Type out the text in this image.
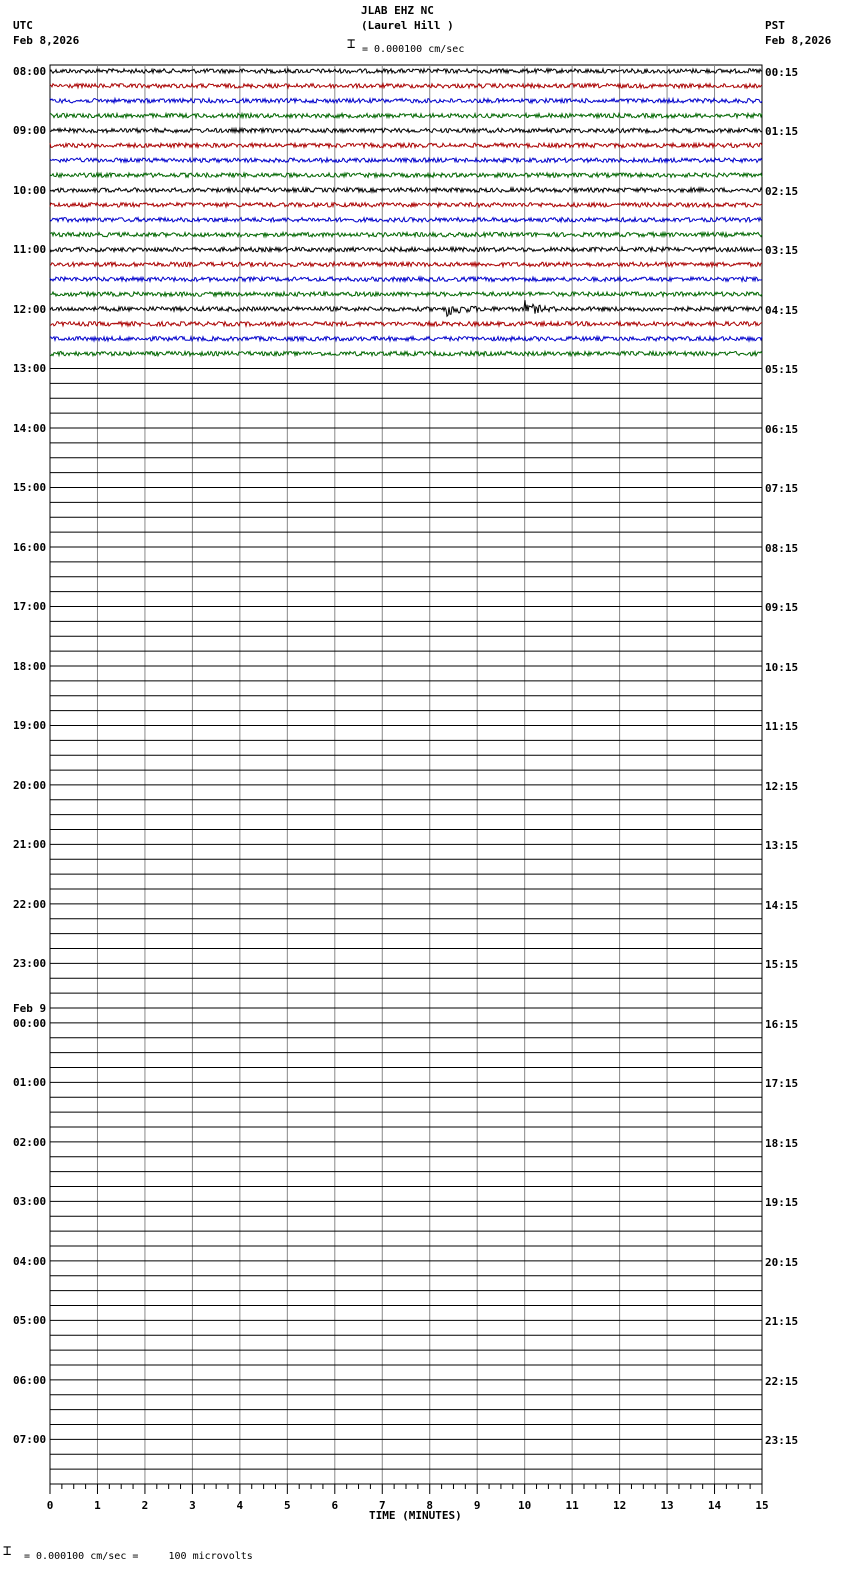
0	1	2	3	4	5	6	7	8	9	10	11	12	13	14	15
JLAB EHZ NC
(Laurel Hill )
⌶ = 0.000100 cm/sec
UTC
Feb 8,2026
PST
Feb 8,2026
Feb 9
08:00
09:00
10:00
11:00
12:00
13:00
14:00
15:00
16:00
17:00
18:00
19:00
20:00
21:00
22:00
23:00
00:00
01:00
02:00
03:00
04:00
05:00
06:00
07:00
00:15
01:15
02:15
03:15
04:15
05:15
06:15
07:15
08:15
09:15
10:15
11:15
12:15
13:15
14:15
15:15
16:15
17:15
18:15
19:15
20:15
21:15
22:15
23:15
TIME (MINUTES)
⌶ = 0.000100 cm/sec =     100 microvolts
